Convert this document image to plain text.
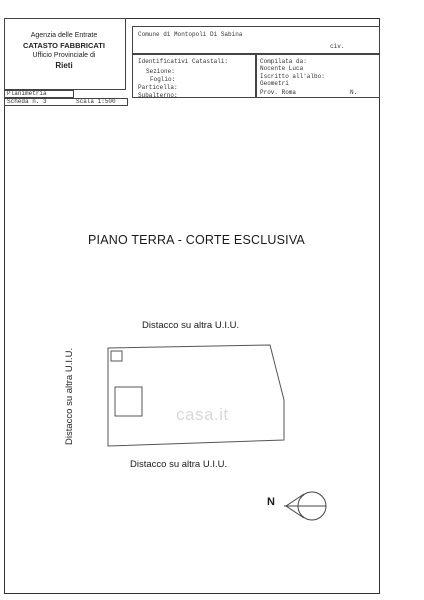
Agenzia delle Entrate
CATASTO FABBRICATI
Ufficio Provinciale di
Rieti
Comune di Montopoli Di Sabina
civ.
Identificativi Catastali:
Sezione:
Foglio:
Particella:
Subalterno:
Compilata da:
Nocente Luca
Iscritto all'albo:
Geometri
Prov. Roma	N.
Planimetria
Scheda n. 3	Scala 1:500
PIANO TERRA - CORTE ESCLUSIVA
Distacco su altra U.I.U.
Distacco su altra U.I.U.
Distacco su altra U.I.U.	casa.it
N
